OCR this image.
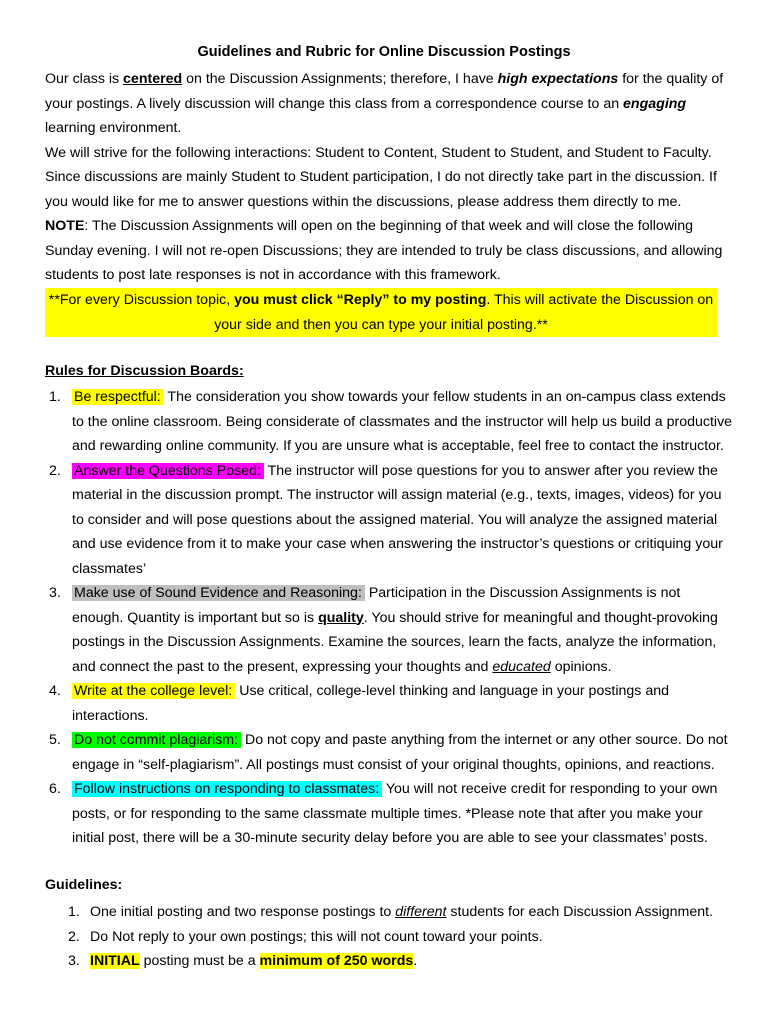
Guidelines and Rubric for Online Discussion Postings

Our class is centered on the Discussion Assignments; therefore, I have high expectations for the quality of your postings. A lively discussion will change this class from a correspondence course to an engaging learning environment.

We will strive for the following interactions: Student to Content, Student to Student, and Student to Faculty. Since discussions are mainly Student to Student participation, I do not directly take part in the discussion. If you would like for me to answer questions within the discussions, please address them directly to me.

NOTE: The Discussion Assignments will open on the beginning of that week and will close the following Sunday evening. I will not re-open Discussions; they are intended to truly be class discussions, and allowing students to post late responses is not in accordance with this framework.

**For every Discussion topic, you must click “Reply” to my posting. This will activate the Discussion on your side and then you can type your initial posting.**
Rules for Discussion Boards:
1. Be respectful: The consideration you show towards your fellow students in an on-campus class extends to the online classroom. Being considerate of classmates and the instructor will help us build a productive and rewarding online community. If you are unsure what is acceptable, feel free to contact the instructor.
2. Answer the Questions Posed: The instructor will pose questions for you to answer after you review the material in the discussion prompt. The instructor will assign material (e.g., texts, images, videos) for you to consider and will pose questions about the assigned material. You will analyze the assigned material and use evidence from it to make your case when answering the instructor’s questions or critiquing your classmates’
3. Make use of Sound Evidence and Reasoning: Participation in the Discussion Assignments is not enough. Quantity is important but so is quality. You should strive for meaningful and thought-provoking postings in the Discussion Assignments. Examine the sources, learn the facts, analyze the information, and connect the past to the present, expressing your thoughts and educated opinions.
4. Write at the college level: Use critical, college-level thinking and language in your postings and interactions.
5. Do not commit plagiarism: Do not copy and paste anything from the internet or any other source. Do not engage in “self-plagiarism”. All postings must consist of your original thoughts, opinions, and reactions.
6. Follow instructions on responding to classmates: You will not receive credit for responding to your own posts, or for responding to the same classmate multiple times. *Please note that after you make your initial post, there will be a 30-minute security delay before you are able to see your classmates’ posts.
Guidelines:
1. One initial posting and two response postings to different students for each Discussion Assignment.
2. Do Not reply to your own postings; this will not count toward your points.
3. INITIAL posting must be a minimum of 250 words.
